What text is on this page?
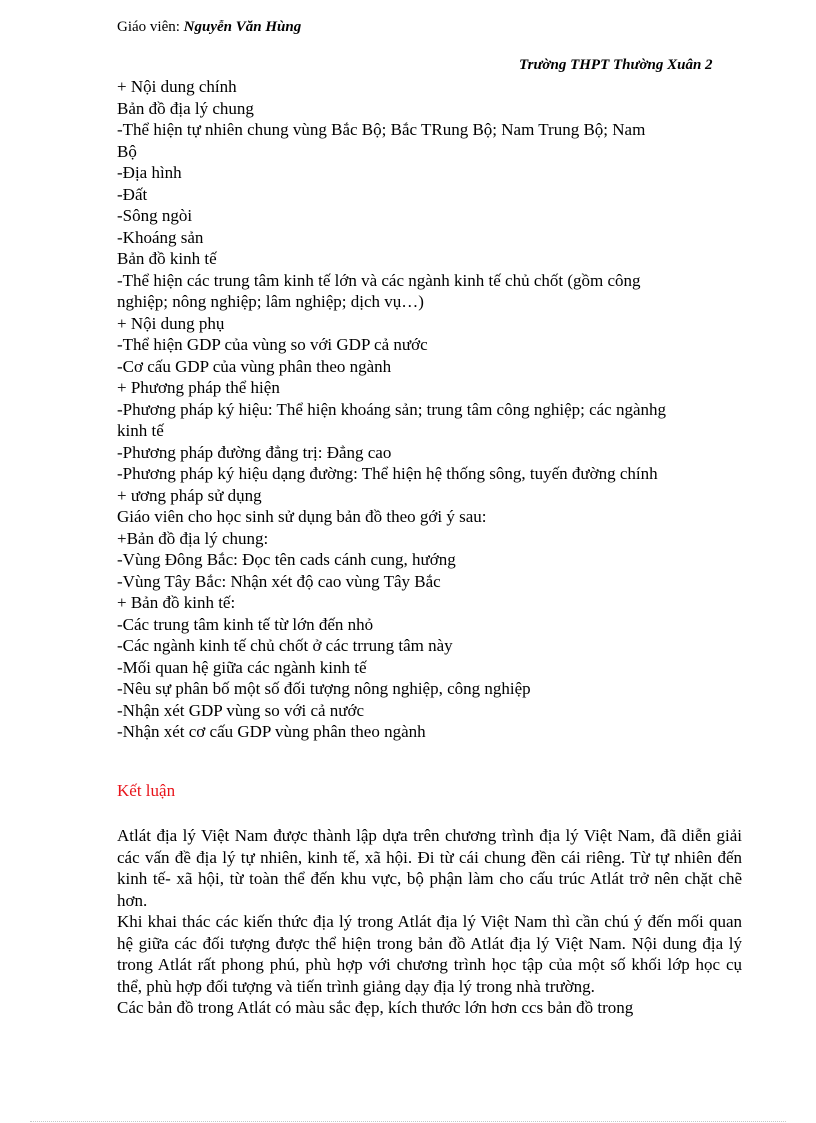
Giáo viên: Nguyễn Văn Hùng
Trường THPT Thường Xuân 2
+ Nội dung chính
Bản đồ địa lý chung
-Thể hiện tự nhiên chung vùng Bắc Bộ; Bắc TRung Bộ; Nam Trung Bộ; Nam
Bộ
-Địa hình
-Đất
-Sông ngòi
-Khoáng sản
Bản đồ kinh tế
-Thể hiện các trung tâm kinh tế lớn và các ngành kinh tế chủ chốt (gồm công
nghiệp; nông nghiệp; lâm nghiệp; dịch vụ…)
+ Nội dung phụ
-Thể hiện GDP của vùng so với GDP cả nước
-Cơ cấu GDP của vùng phân theo ngành
+ Phương pháp thể hiện
-Phương pháp ký hiệu: Thể hiện khoáng sản; trung tâm công nghiệp; các ngànhg
kinh tế
-Phương pháp đường đẳng trị: Đẳng cao
-Phương pháp ký hiệu dạng đường: Thể hiện hệ thống sông, tuyến đường chính
+ ương pháp sử dụng
Giáo viên cho học sinh sử dụng bản đồ theo gới ý sau:
+Bản đồ địa lý chung:
-Vùng Đông Bắc: Đọc tên cads cánh cung, hướng
-Vùng Tây Bắc: Nhận xét độ cao vùng Tây Bắc
+ Bản đồ kinh tế:
-Các trung tâm kinh tế từ lớn đến nhỏ
-Các ngành kinh tế chủ chốt ở các trrung tâm này
-Mối quan hệ giữa các ngành kinh tế
-Nêu sự phân bố một số đối tượng nông nghiệp, công nghiệp
-Nhận xét GDP vùng so với cả nước
-Nhận xét cơ cấu GDP vùng phân theo ngành
Kết luận
Atlát địa lý Việt Nam được thành lập dựa trên chương trình địa lý Việt Nam, đã diễn giải các vấn đề địa lý tự nhiên, kinh tế, xã hội. Đi từ cái chung đền cái riêng. Từ tự nhiên đến kinh tế- xã hội, từ toàn thể đến khu vực, bộ phận làm cho cấu trúc Atlát trở nên chặt chẽ hơn.
Khi khai thác các kiến thức địa lý trong Atlát địa lý Việt Nam thì cần chú ý đến mối quan hệ giữa các đối tượng được thể hiện trong bản đồ Atlát địa lý Việt Nam. Nội dung địa lý trong Atlát rất phong phú, phù hợp với chương trình học tập của một số khối lớp học cụ thể, phù hợp đối tượng và tiến trình giảng dạy địa lý trong nhà trường.
Các bản đồ trong Atlát có màu sắc đẹp, kích thước lớn hơn ccs bản đồ trong
